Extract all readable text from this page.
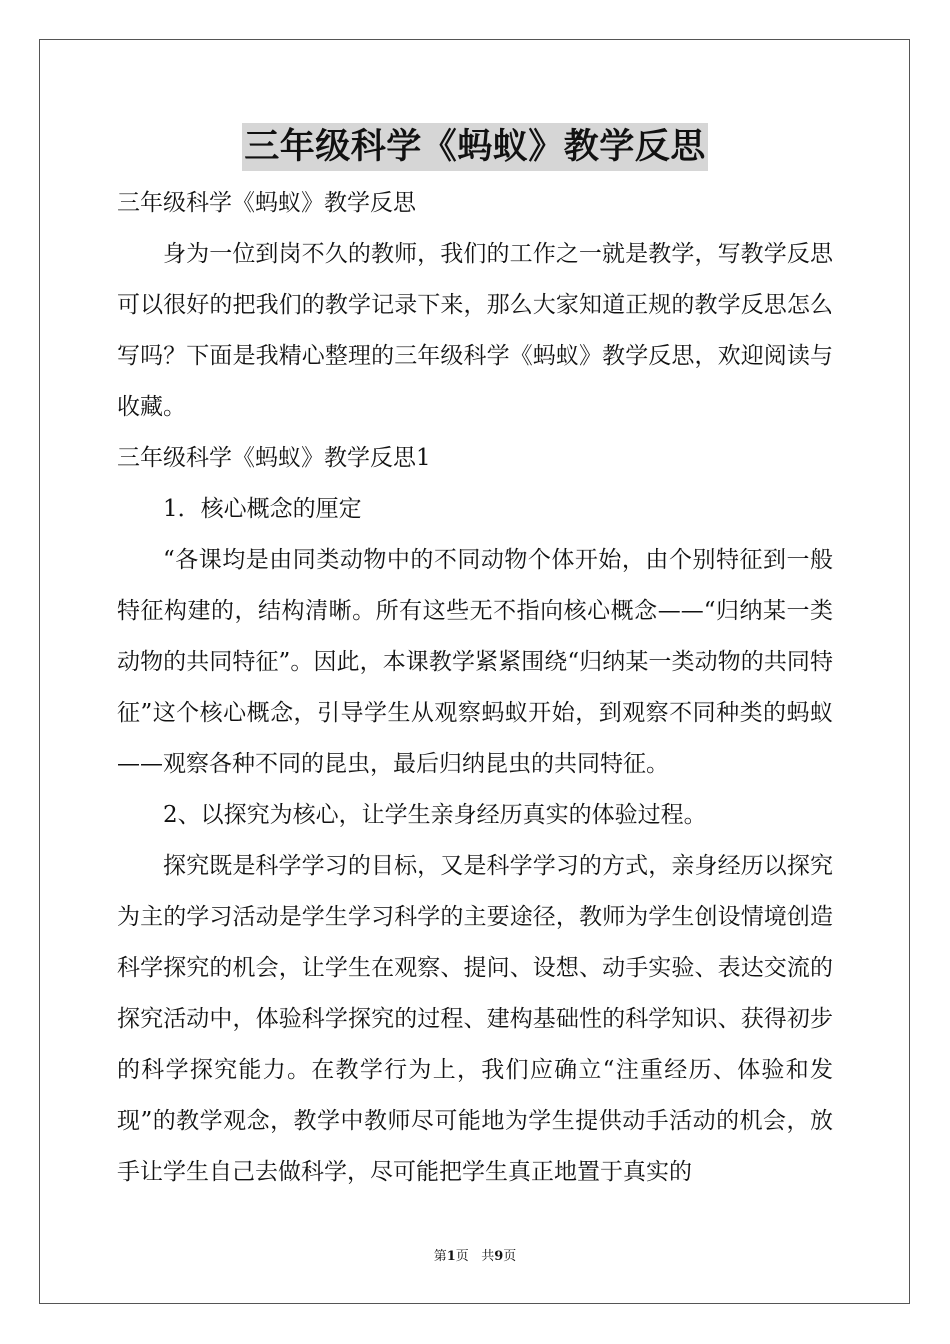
三年级科学《蚂蚁》教学反思

三年级科学《蚂蚁》教学反思

身为一位到岗不久的教师，我们的工作之一就是教学，写教学反思可以很好的把我们的教学记录下来，那么大家知道正规的教学反思怎么写吗？下面是我精心整理的三年级科学《蚂蚁》教学反思，欢迎阅读与收藏。

三年级科学《蚂蚁》教学反思1

1．核心概念的厘定

“各课均是由同类动物中的不同动物个体开始，由个别特征到一般特征构建的，结构清晰。所有这些无不指向核心概念——“归纳某一类动物的共同特征”。因此，本课教学紧紧围绕“归纳某一类动物的共同特征”这个核心概念，引导学生从观察蚂蚁开始，到观察不同种类的蚂蚁——观察各种不同的昆虫，最后归纳昆虫的共同特征。

2、以探究为核心，让学生亲身经历真实的体验过程。

探究既是科学学习的目标，又是科学学习的方式，亲身经历以探究为主的学习活动是学生学习科学的主要途径，教师为学生创设情境创造科学探究的机会，让学生在观察、提问、设想、动手实验、表达交流的探究活动中，体验科学探究的过程、建构基础性的科学知识、获得初步的科学探究能力。在教学行为上，我们应确立“注重经历、体验和发现”的教学观念，教学中教师尽可能地为学生提供动手活动的机会，放手让学生自己去做科学，尽可能把学生真正地置于真实的

第1页 共9页
